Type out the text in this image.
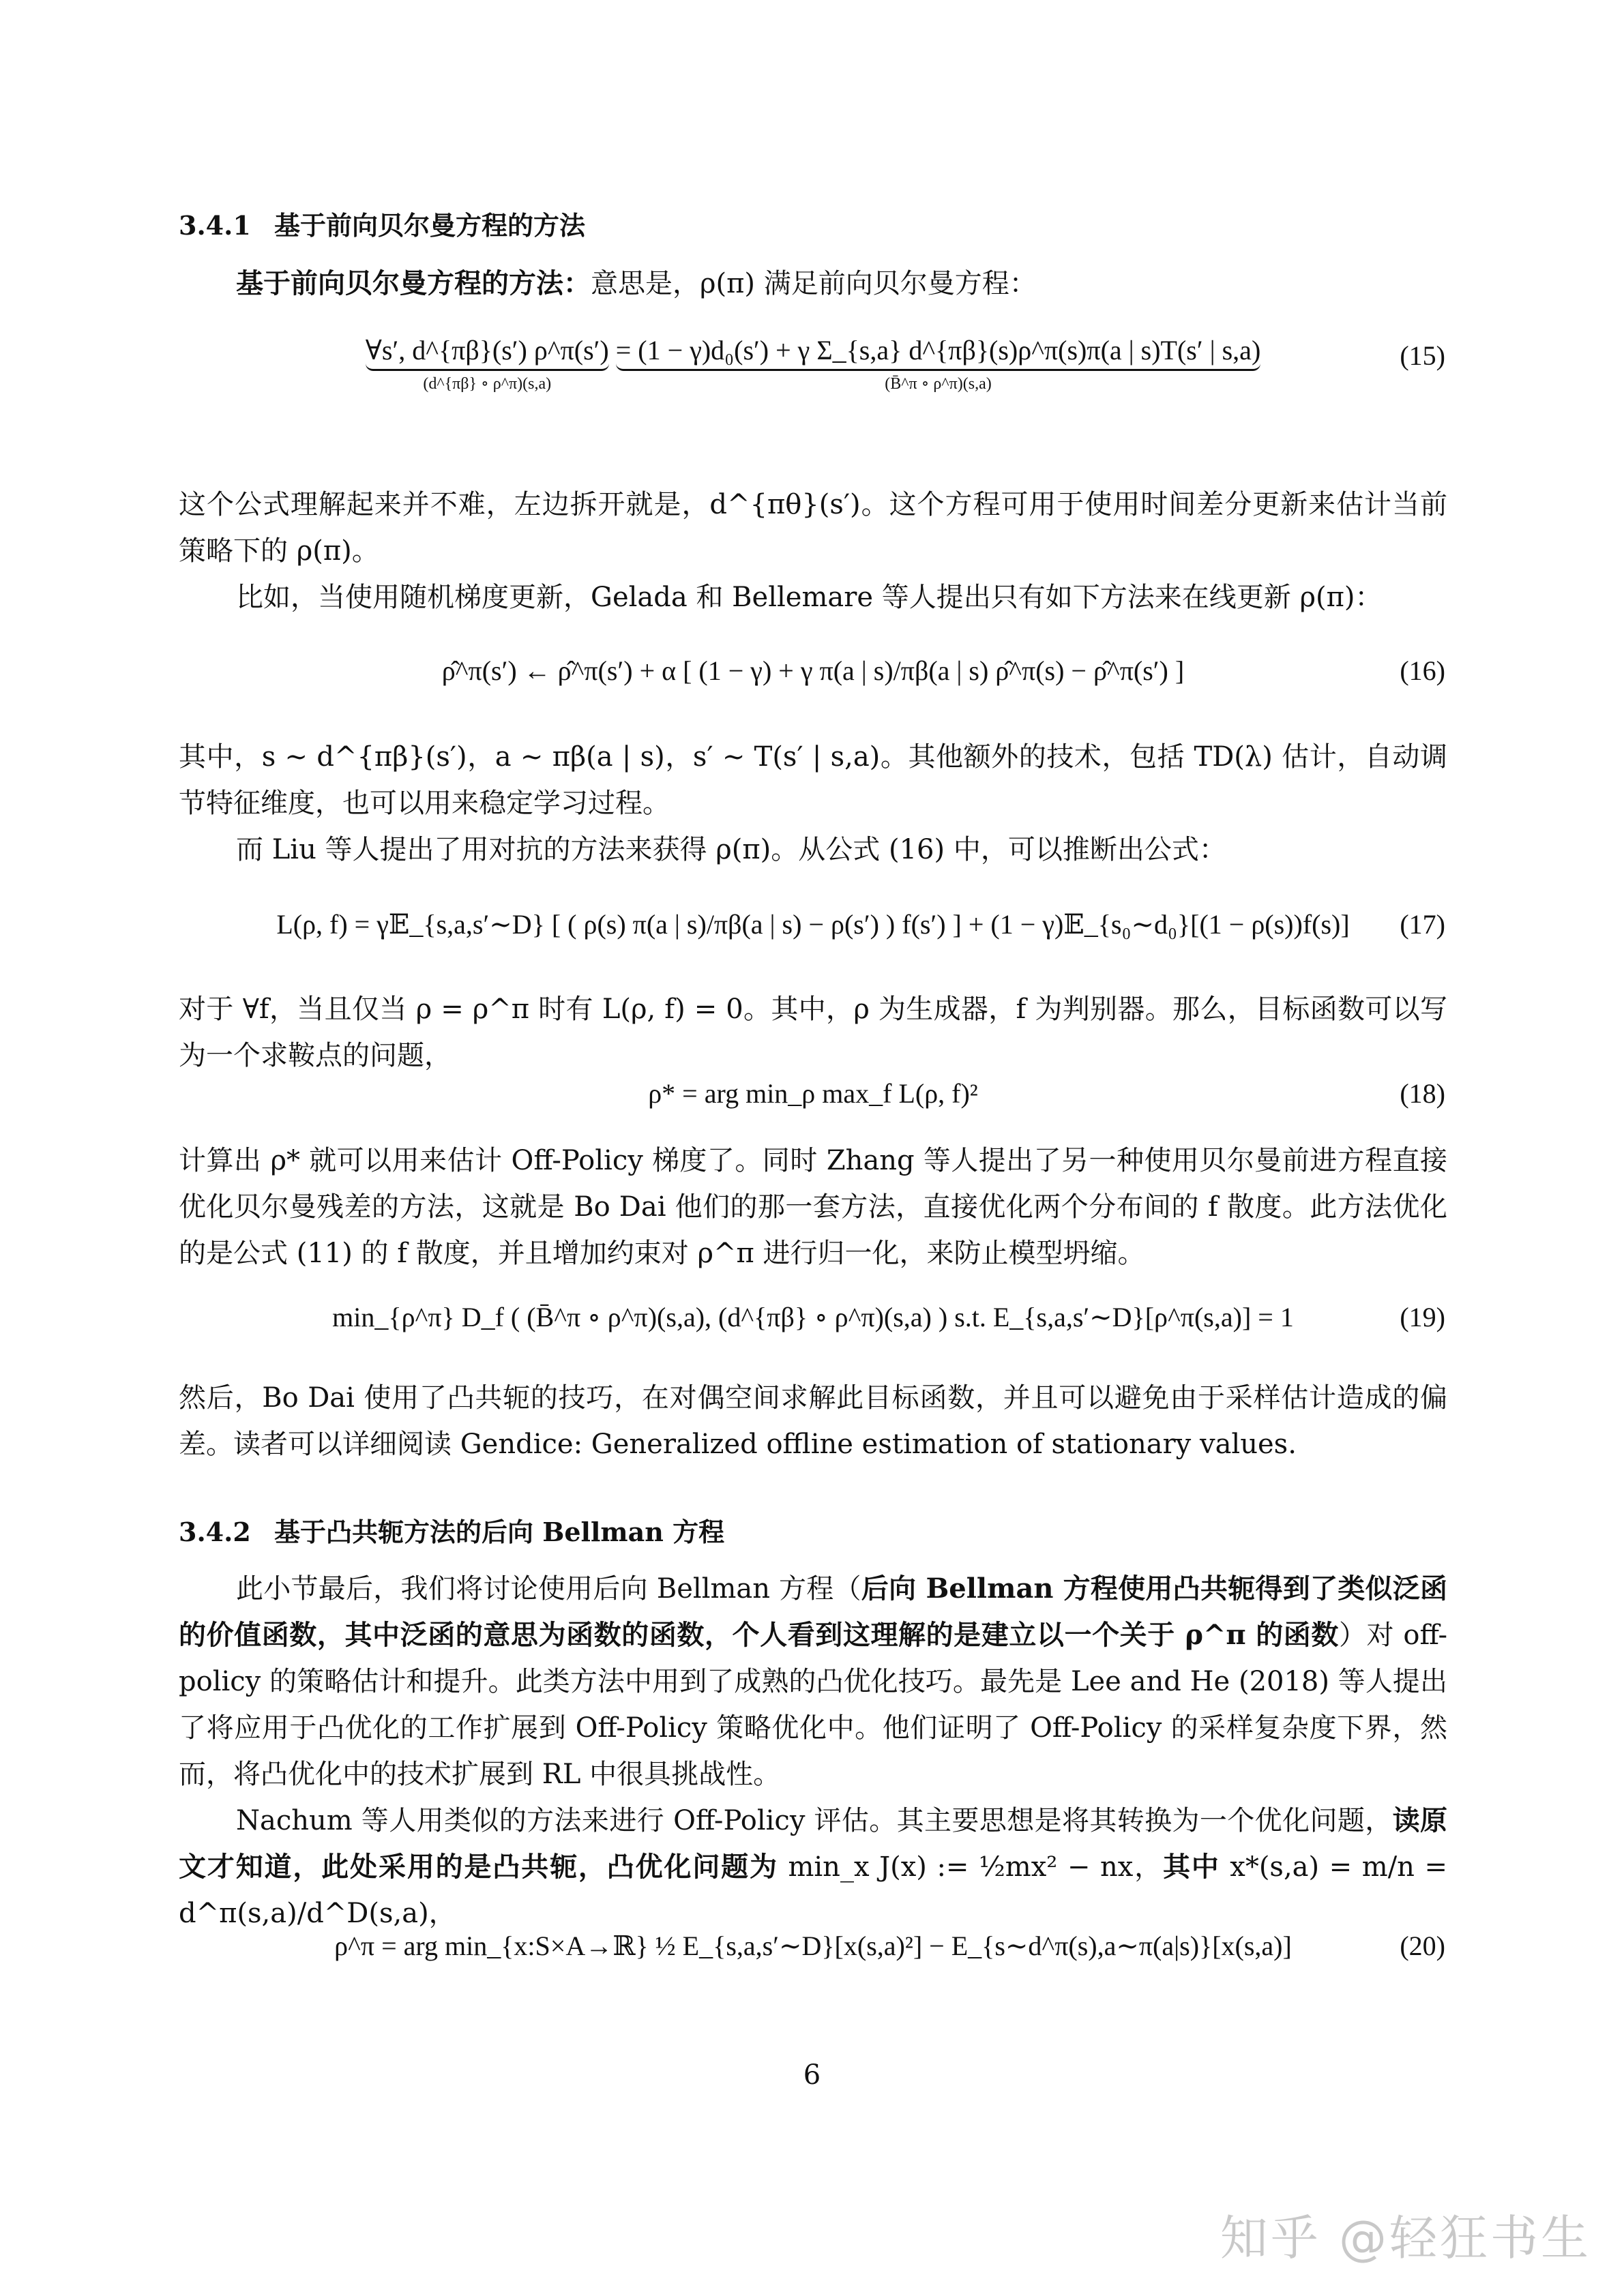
3.4.1 基于前向贝尔曼方程的方法
基于前向贝尔曼方程的方法：意思是，ρ(π) 满足前向贝尔曼方程：
∀s′, d^{πβ}(s′) ρ^π(s′)
(d^{πβ} ∘ ρ^π)(s,a)
= (1 − γ)d₀(s′) + γ Σ_{s,a} d^{πβ}(s)ρ^π(s)π(a | s)T(s′ | s,a)
(B̄^π ∘ ρ^π)(s,a)
(15)
这个公式理解起来并不难，左边拆开就是，d^{πθ}(s′)。这个方程可用于使用时间差分更新来估计当前策略下的 ρ(π)。
比如，当使用随机梯度更新，Gelada 和 Bellemare 等人提出只有如下方法来在线更新 ρ(π)：
ρ̂^π(s′) ← ρ̂^π(s′) + α [ (1 − γ) + γ π(a | s)/πβ(a | s) ρ̂^π(s) − ρ̂^π(s′) ]	(16)
其中，s ∼ d^{πβ}(s′)，a ∼ πβ(a | s)，s′ ∼ T(s′ | s,a)。其他额外的技术，包括 TD(λ) 估计，自动调节特征维度，也可以用来稳定学习过程。
而 Liu 等人提出了用对抗的方法来获得 ρ(π)。从公式 (16) 中，可以推断出公式：
L(ρ, f) = γ𝔼_{s,a,s′∼D} [ ( ρ(s) π(a | s)/πβ(a | s) − ρ(s′) ) f(s′) ] + (1 − γ)𝔼_{s₀∼d₀}[(1 − ρ(s))f(s)]	(17)
对于 ∀f，当且仅当 ρ = ρ^π 时有 L(ρ, f) = 0。其中，ρ 为生成器，f 为判别器。那么，目标函数可以写为一个求鞍点的问题，
ρ* = arg min_ρ max_f L(ρ, f)²	(18)
计算出 ρ* 就可以用来估计 Off-Policy 梯度了。同时 Zhang 等人提出了另一种使用贝尔曼前进方程直接优化贝尔曼残差的方法，这就是 Bo Dai 他们的那一套方法，直接优化两个分布间的 f 散度。此方法优化的是公式 (11) 的 f 散度，并且增加约束对 ρ^π 进行归一化，来防止模型坍缩。
min_{ρ^π} D_f ( (B̄^π ∘ ρ^π)(s,a), (d^{πβ} ∘ ρ^π)(s,a) ) s.t. E_{s,a,s′∼D}[ρ^π(s,a)] = 1	(19)
然后，Bo Dai 使用了凸共轭的技巧，在对偶空间求解此目标函数，并且可以避免由于采样估计造成的偏差。读者可以详细阅读 Gendice: Generalized offline estimation of stationary values.
3.4.2 基于凸共轭方法的后向 Bellman 方程
此小节最后，我们将讨论使用后向 Bellman 方程（后向 Bellman 方程使用凸共轭得到了类似泛函的价值函数，其中泛函的意思为函数的函数，个人看到这理解的是建立以一个关于 ρ^π 的函数）对 off-policy 的策略估计和提升。此类方法中用到了成熟的凸优化技巧。最先是 Lee and He (2018) 等人提出了将应用于凸优化的工作扩展到 Off-Policy 策略优化中。他们证明了 Off-Policy 的采样复杂度下界，然而，将凸优化中的技术扩展到 RL 中很具挑战性。
Nachum 等人用类似的方法来进行 Off-Policy 评估。其主要思想是将其转换为一个优化问题，读原文才知道，此处采用的是凸共轭，凸优化问题为 min_x J(x) := ½mx² − nx，其中 x*(s,a) = m/n = d^π(s,a)/d^D(s,a)，
ρ^π = arg min_{x:S×A→ℝ} ½ E_{s,a,s′∼D}[x(s,a)²] − E_{s∼d^π(s),a∼π(a|s)}[x(s,a)]	(20)
6
知乎 @轻狂书生
